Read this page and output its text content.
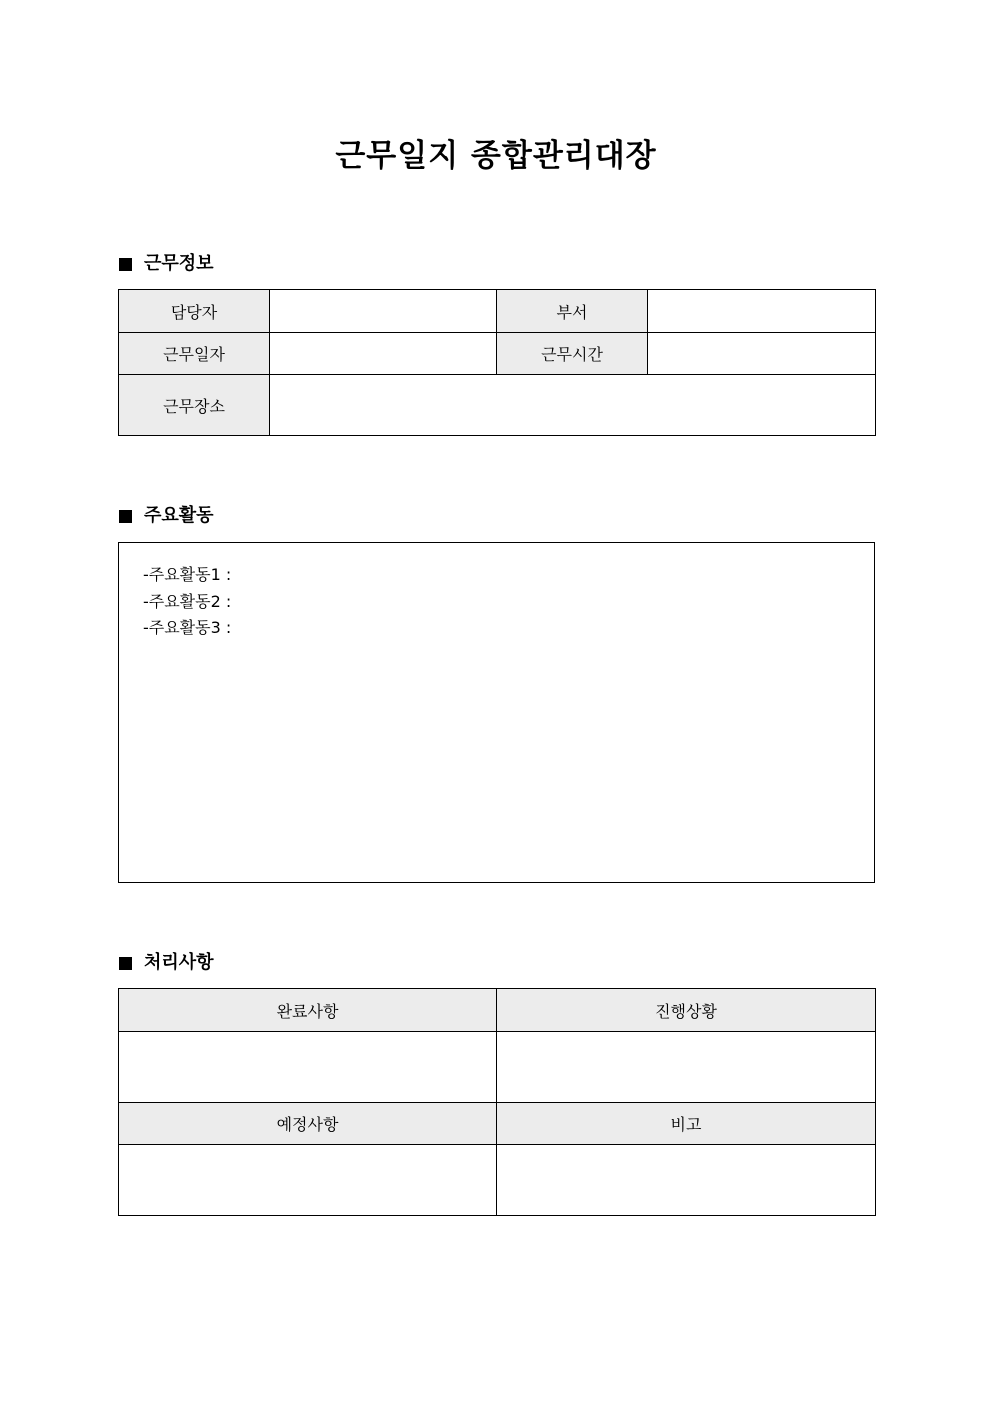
근무일지 종합관리대장
근무정보
담당자		부서	
근무일자		근무시간	
근무장소			
주요활동
-주요활동1 :
-주요활동2 :
-주요활동3 :
처리사항
완료사항	진행상황

예정사항	비고
